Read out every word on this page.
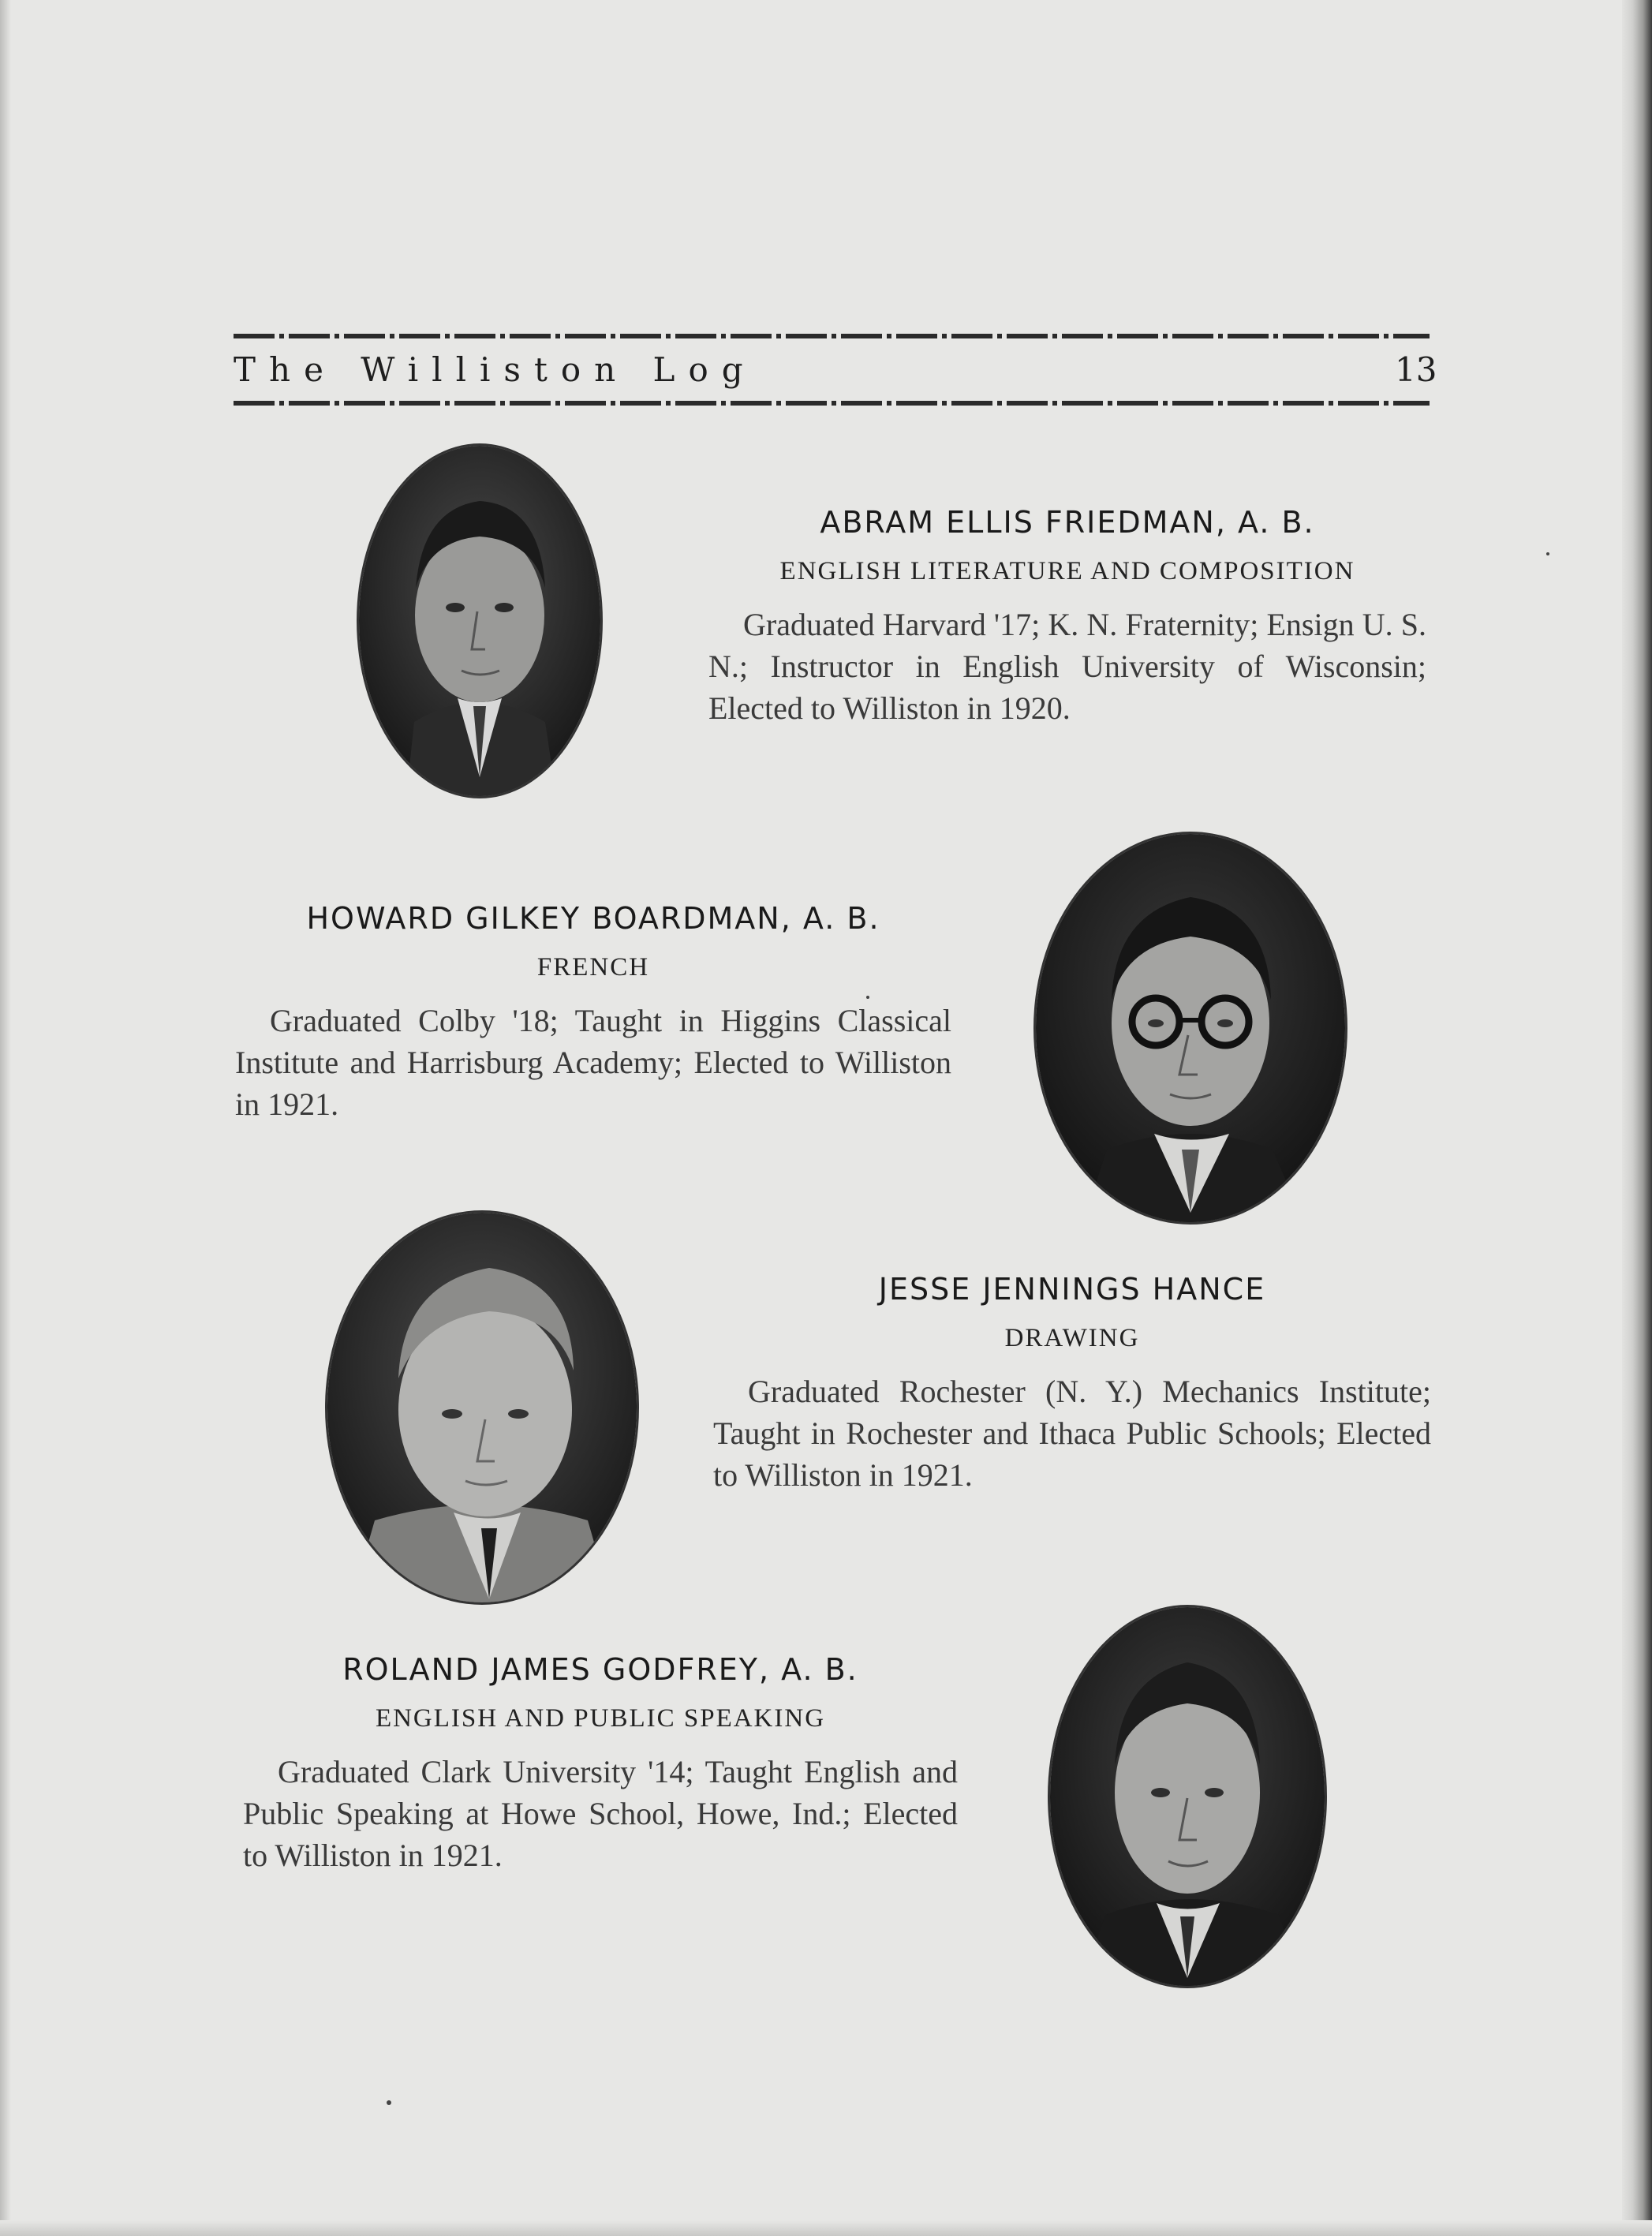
The Williston Log	13
ABRAM ELLIS FRIEDMAN, A. B.
ENGLISH LITERATURE AND COMPOSITION
Graduated Harvard '17; K. N. Fraternity; Ensign U. S. N.; Instructor in English University of Wisconsin; Elected to Williston in 1920.
HOWARD GILKEY BOARDMAN, A. B.
FRENCH
Graduated Colby '18; Taught in Higgins Classical Institute and Harrisburg Academy; Elected to Williston in 1921.
JESSE JENNINGS HANCE
DRAWING
Graduated Rochester (N. Y.) Mechanics Institute; Taught in Rochester and Ithaca Public Schools; Elected to Williston in 1921.
ROLAND JAMES GODFREY, A. B.
ENGLISH AND PUBLIC SPEAKING
Graduated Clark University '14; Taught English and Public Speaking at Howe School, Howe, Ind.; Elected to Williston in 1921.
